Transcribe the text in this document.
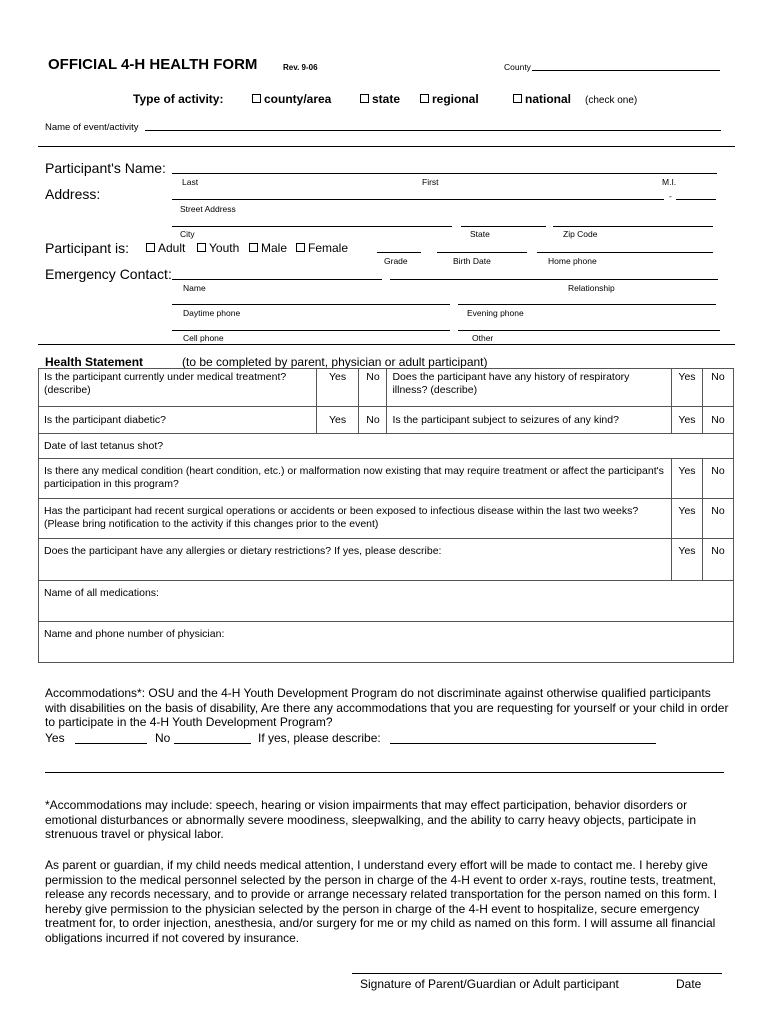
OFFICIAL 4-H HEALTH FORM	Rev. 9-06	County
Type of activity:	county/area	state	regional	national (check one)
Name of event/activity
Participant's Name:
Last	First	M.I.
Address:	-
Street Address
City	State	Zip Code
Participant is:	Adult	Youth	Male	Female
Grade	Birth Date	Home phone
Emergency Contact:
Name	Relationship
Daytime phone	Evening phone
Cell phone	Other
Health Statement	(to be completed by parent, physician or adult participant)
Is the participant currently under medical treatment? (describe)	Yes	No	Does the participant have any history of respiratory illness? (describe)	Yes	No
Is the participant diabetic?	Yes	No	Is the participant subject to seizures of any kind?	Yes	No
Date of last tetanus shot?					
Is there any medical condition (heart condition, etc.) or malformation now existing that may require treatment or affect the participant's participation in this program?				Yes	No
Has the participant had recent surgical operations or accidents or been exposed to infectious disease within the last two weeks? (Please bring notification to the activity if this changes prior to the event)				Yes	No
Does the participant have any allergies or dietary restrictions? If yes, please describe:				Yes	No
Name of all medications:					
Name and phone number of physician:					
Accommodations*: OSU and the 4-H Youth Development Program do not discriminate against otherwise qualified participants with disabilities on the basis of disability, Are there any accommodations that you are requesting for yourself or your child in order to participate in the 4-H Youth Development Program?
Yes	No	If yes, please describe:
*Accommodations may include: speech, hearing or vision impairments that may effect participation, behavior disorders or emotional disturbances or abnormally severe moodiness, sleepwalking, and the ability to carry heavy objects, participate in strenuous travel or physical labor.
As parent or guardian, if my child needs medical attention, I understand every effort will be made to contact me. I hereby give permission to the medical personnel selected by the person in charge of the 4-H event to order x-rays, routine tests, treatment, release any records necessary, and to provide or arrange necessary related transportation for the person named on this form. I hereby give permission to the physician selected by the person in charge of the 4-H event to hospitalize, secure emergency treatment for, to order injection, anesthesia, and/or surgery for me or my child as named on this form. I will assume all financial obligations incurred if not covered by insurance.
Signature of Parent/Guardian or Adult participant	Date
